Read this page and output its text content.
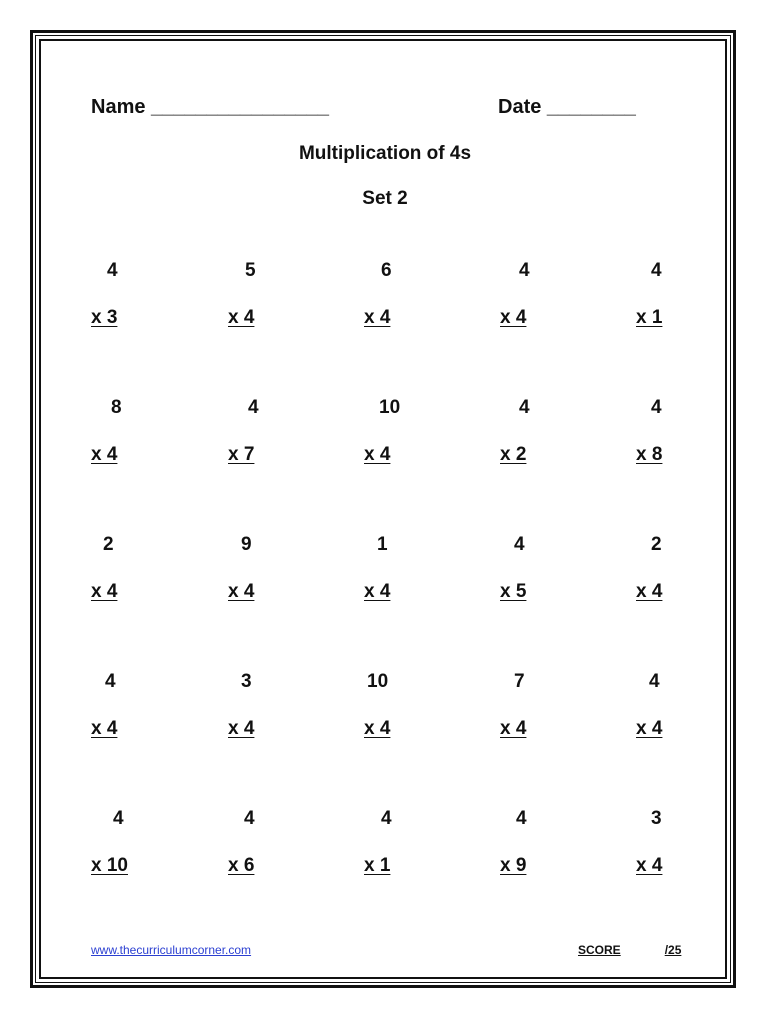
Name ________________	Date ________
Multiplication of 4s
Set 2
4
x 3
5
x 4
6
x 4
4
x 4
4
x 1
8
x 4
4
x 7
10
x 4
4
x 2
4
x 8
2
x 4
9
x 4
1
x 4
4
x 5
2
x 4
4
x 4
3
x 4
10
x 4
7
x 4
4
x 4
4
x 10
4
x 6
4
x 1
4
x 9
3
x 4
www.thecurriculumcorner.com	SCORE	/25
